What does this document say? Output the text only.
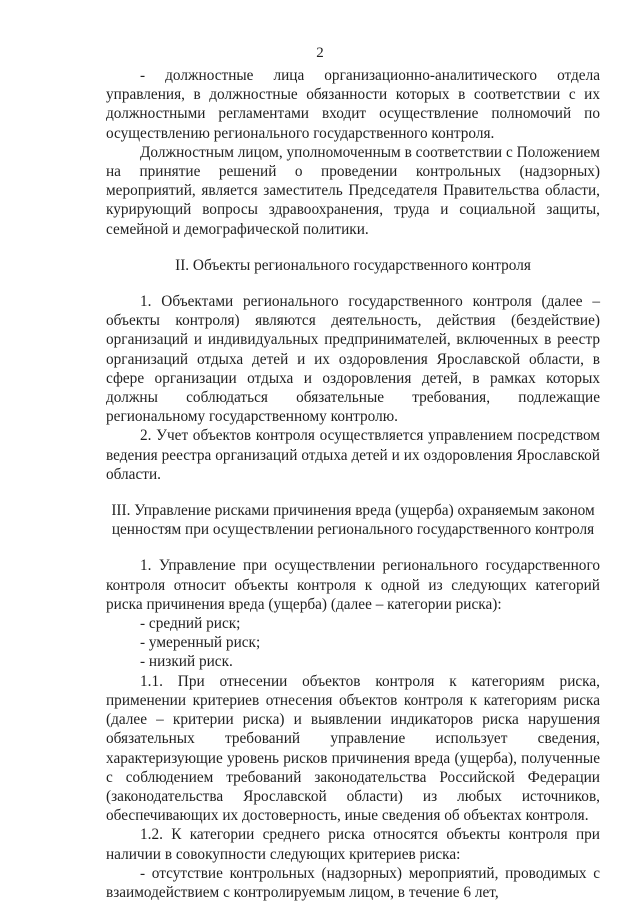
2

- должностные лица организационно-аналитического отдела управления, в должностные обязанности которых в соответствии с их должностными регламентами входит осуществление полномочий по осуществлению регионального государственного контроля.

Должностным лицом, уполномоченным в соответствии с Положением на принятие решений о проведении контрольных (надзорных) мероприятий, является заместитель Председателя Правительства области, курирующий вопросы здравоохранения, труда и социальной защиты, семейной и демографической политики.

II. Объекты регионального государственного контроля

1. Объектами регионального государственного контроля (далее – объекты контроля) являются деятельность, действия (бездействие) организаций и индивидуальных предпринимателей, включенных в реестр организаций отдыха детей и их оздоровления Ярославской области, в сфере организации отдыха и оздоровления детей, в рамках которых должны соблюдаться обязательные требования, подлежащие региональному государственному контролю.

2. Учет объектов контроля осуществляется управлением посредством ведения реестра организаций отдыха детей и их оздоровления Ярославской области.

III. Управление рисками причинения вреда (ущерба) охраняемым законом

ценностям при осуществлении регионального государственного контроля

1. Управление при осуществлении регионального государственного контроля относит объекты контроля к одной из следующих категорий риска причинения вреда (ущерба) (далее – категории риска):

- средний риск;

- умеренный риск;

- низкий риск.

1.1. При отнесении объектов контроля к категориям риска, применении критериев отнесения объектов контроля к категориям риска (далее – критерии риска) и выявлении индикаторов риска нарушения обязательных требований управление использует сведения, характеризующие уровень рисков причинения вреда (ущерба), полученные с соблюдением требований законодательства Российской Федерации (законодательства Ярославской области) из любых источников, обеспечивающих их достоверность, иные сведения об объектах контроля.

1.2. К категории среднего риска относятся объекты контроля при наличии в совокупности следующих критериев риска:

- отсутствие контрольных (надзорных) мероприятий, проводимых с взаимодействием с контролируемым лицом, в течение 6 лет,
